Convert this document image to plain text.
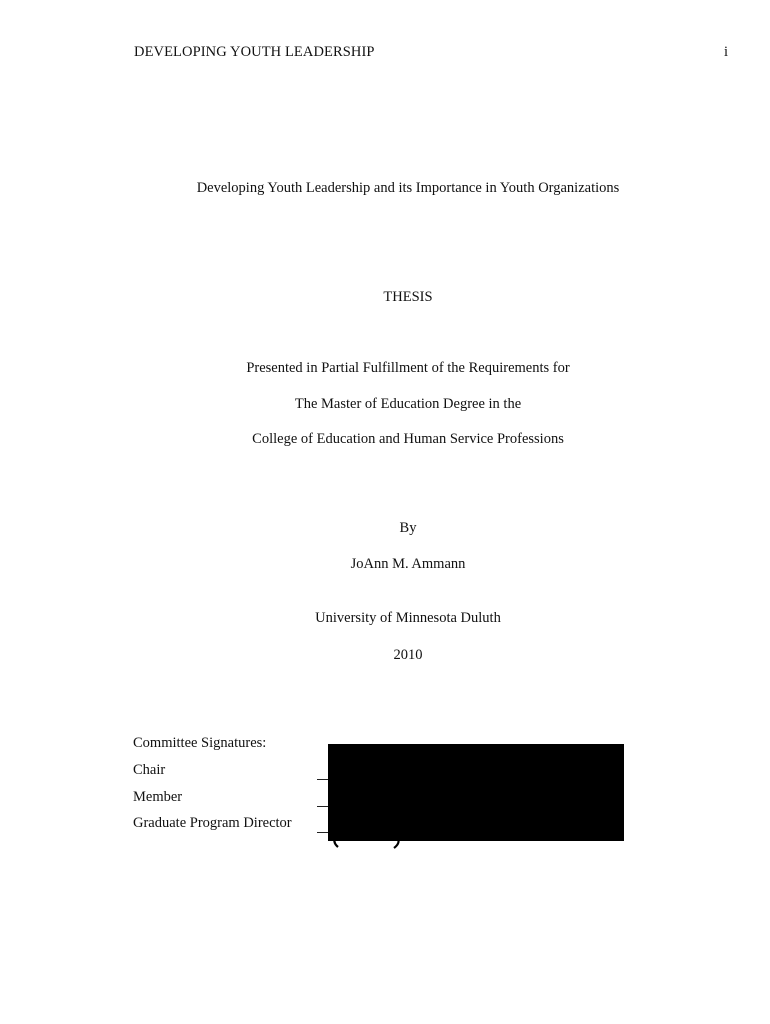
DEVELOPING YOUTH LEADERSHIP	i
Developing Youth Leadership and its Importance in Youth Organizations
THESIS
Presented in Partial Fulfillment of the Requirements for
The Master of Education Degree in the
College of Education and Human Service Professions
By
JoAnn M. Ammann
University of Minnesota Duluth
2010
Committee Signatures:
Chair
Member
Graduate Program Director
